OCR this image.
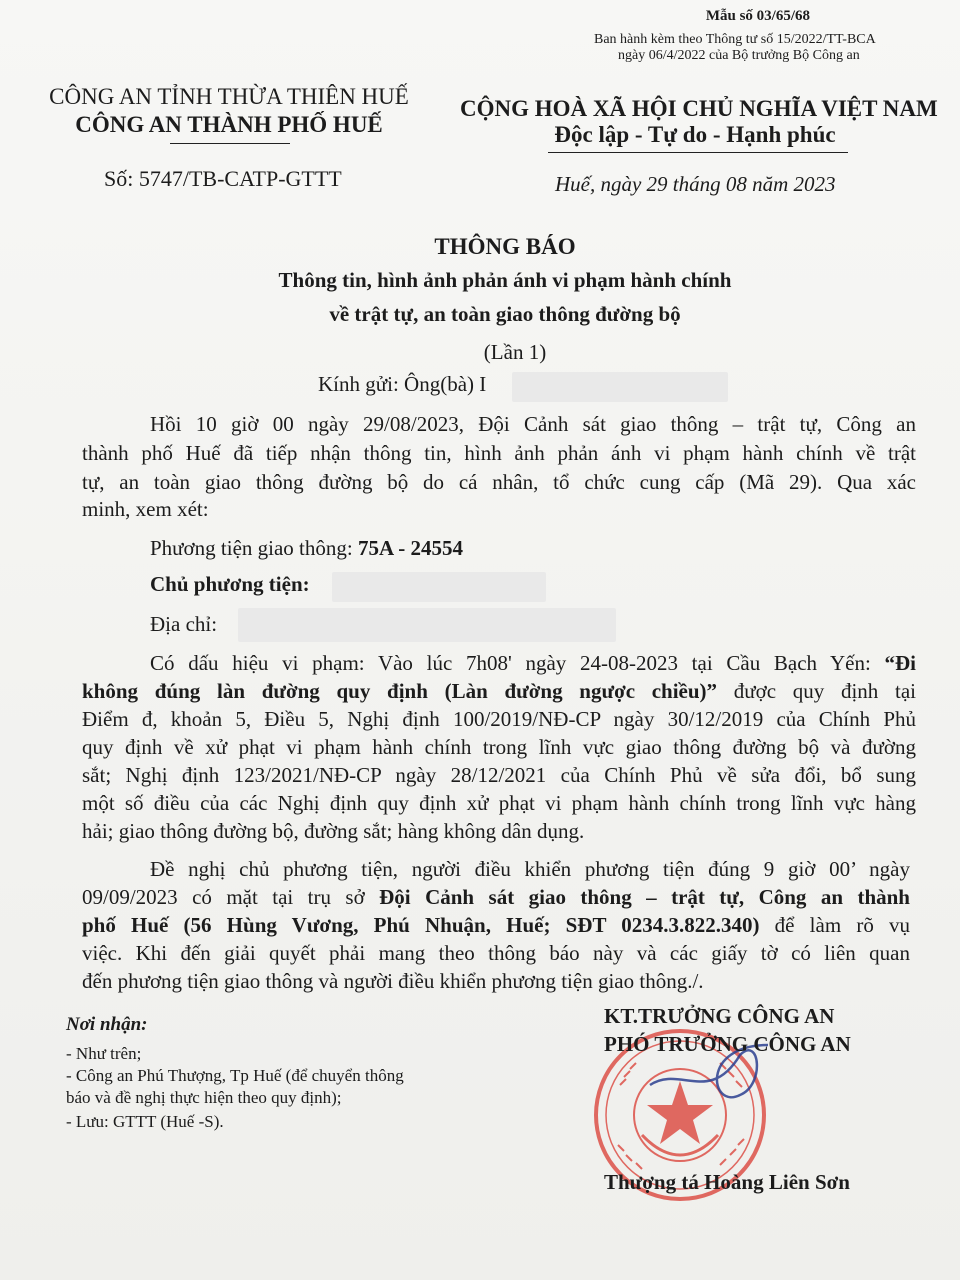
Mẫu số 03/65/68
Ban hành kèm theo Thông tư số 15/2022/TT-BCA
ngày 06/4/2022 của Bộ trưởng Bộ Công an
CÔNG AN TỈNH THỪA THIÊN HUẾ
CÔNG AN THÀNH PHỐ HUẾ
Số: 5747/TB-CATP-GTTT
CỘNG HOÀ XÃ HỘI CHỦ NGHĨA VIỆT NAM
Độc lập - Tự do - Hạnh phúc
Huế, ngày 29 tháng 08 năm 2023
THÔNG BÁO
Thông tin, hình ảnh phản ánh vi phạm hành chính
về trật tự, an toàn giao thông đường bộ
(Lần 1)
Kính gửi: Ông(bà) I
Hồi 10 giờ 00 ngày 29/08/2023, Đội Cảnh sát giao thông – trật tự, Công an
thành phố Huế đã tiếp nhận thông tin, hình ảnh phản ánh vi phạm hành chính về trật
tự, an toàn giao thông đường bộ do cá nhân, tổ chức cung cấp (Mã 29). Qua xác
minh, xem xét:
Phương tiện giao thông: 75A - 24554
Chủ phương tiện:
Địa chỉ:
Có dấu hiệu vi phạm: Vào lúc 7h08' ngày 24-08-2023 tại Cầu Bạch Yến: “Đi
không đúng làn đường quy định (Làn đường ngược chiều)” được quy định tại
Điểm đ, khoản 5, Điều 5, Nghị định 100/2019/NĐ-CP ngày 30/12/2019 của Chính Phủ
quy định về xử phạt vi phạm hành chính trong lĩnh vực giao thông đường bộ và đường
sắt; Nghị định 123/2021/NĐ-CP ngày 28/12/2021 của Chính Phủ về sửa đổi, bổ sung
một số điều của các Nghị định quy định xử phạt vi phạm hành chính trong lĩnh vực hàng
hải; giao thông đường bộ, đường sắt; hàng không dân dụng.
Đề nghị chủ phương tiện, người điều khiển phương tiện đúng 9 giờ 00’ ngày
09/09/2023 có mặt tại trụ sở Đội Cảnh sát giao thông – trật tự, Công an thành
phố Huế (56 Hùng Vương, Phú Nhuận, Huế; SĐT 0234.3.822.340) để làm rõ vụ
việc. Khi đến giải quyết phải mang theo thông báo này và các giấy tờ có liên quan
đến phương tiện giao thông và người điều khiển phương tiện giao thông./.
Nơi nhận:
- Như trên;
- Công an Phú Thượng, Tp Huế (để chuyển thông
báo và đề nghị thực hiện theo quy định);
- Lưu: GTTT (Huế -S).
KT.TRƯỞNG CÔNG AN
PHÓ TRƯỞNG CÔNG AN
Thượng tá Hoàng Liên Sơn
